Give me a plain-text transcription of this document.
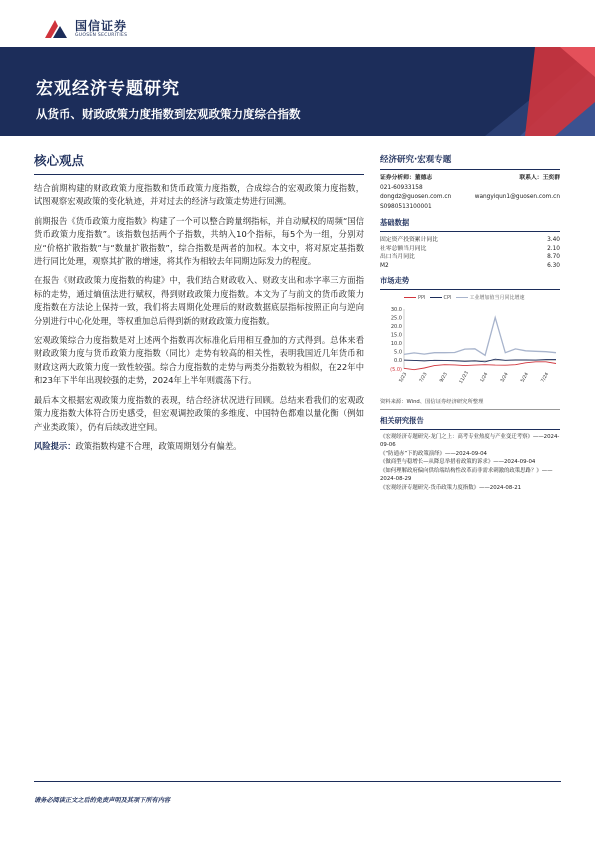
国信证券
GUOSEN SECURITIES
宏观经济专题研究
从货币、财政政策力度指数到宏观政策力度综合指数
核心观点

结合前期构建的财政政策力度指数和货币政策力度指数，合成综合的宏观政策力度指数，试图观察宏观政策的变化轨迹，并对过去的经济与政策走势进行回溯。

前期报告《货币政策力度指数》构建了一个可以整合跨量纲指标，并自动赋权的周频“国信货币政策力度指数”。该指数包括两个子指数，共纳入10个指标，每5个为一组，分别对应“价格扩散指数”与“数量扩散指数”，综合指数是两者的加权。本文中，将对原定基指数进行同比处理，观察其扩散的增速，将其作为相较去年同期边际发力的程度。

在报告《财政政策力度指数的构建》中，我们结合财政收入、财政支出和赤字率三方面指标的走势，通过熵值法进行赋权，得到财政政策力度指数。本文为了与前文的货币政策力度指数在方法论上保持一致，我们将去周期化处理后的财政数据底层指标按照正向与逆向分别进行中心化处理，等权重加总后得到新的财政政策力度指数。

宏观政策综合力度指数是对上述两个指数再次标准化后用相互叠加的方式得到。总体来看财政政策力度与货币政策力度指数（同比）走势有较高的相关性，表明我国近几年货币和财政这两大政策力度一致性较强。综合力度指数的走势与两类分指数较为相似，在22年中和23年下半年出现较强的走势，2024年上半年则震荡下行。

最后本文根据宏观政策力度指数的表现，结合经济状况进行回顾。总结来看我们的宏观政策力度指数大体符合历史感受，但宏观调控政策的多维度、中国特色都难以量化衡（例如产业类政策），仍有后续改进空间。

风险提示：政策指数构建不合理，政策周期划分有偏差。

经济研究·宏观专题
证券分析师：董德志	联系人：王奕群
021-60933158
dongdz@guosen.com.cn	wangyiqun1@guosen.com.cn
S0980513100001
基础数据
固定资产投资累计同比	3.40
社零总额当月同比	2.10
出口当月同比	8.70
M2	6.30
市场走势
PPI	CPI	工业增加值当月同比增速
30.0
25.0
20.0
15.0
10.0
5.0
0.0
(5.0)
5/23 7/23 9/23 11/23 1/24 3/24 5/24 7/24
资料来源：Wind、国信证券经济研究所整理
相关研究报告
《宏观经济专题研究-龙门之上：高考专业热度与产业变迁考察》——2024-09-06
《“防通赤”下的政策演绎》——2024-09-04
《做商型与稳增长—从降息举措看政策的诉求》——2024-09-04
《如何理解政府偏向供给端结构性改革而非需求刺激的政策思路？》——2024-08-29
《宏观经济专题研究-货币政策力度指数》——2024-08-21
请务必阅读正文之后的免责声明及其项下所有内容
